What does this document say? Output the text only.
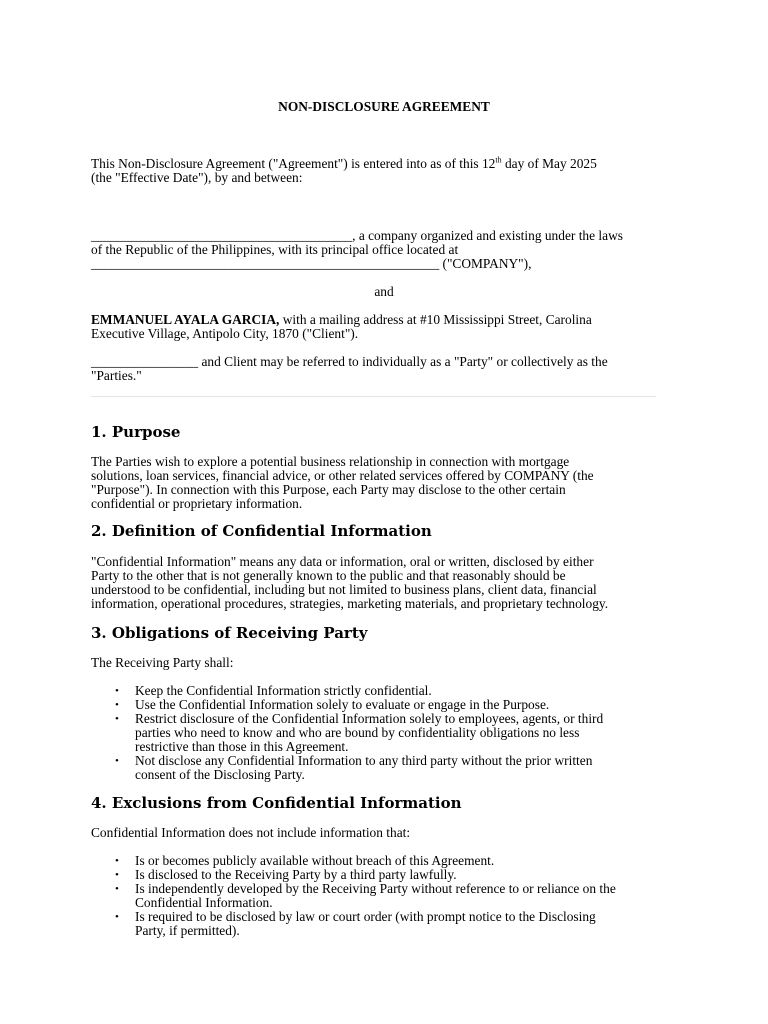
NON-DISCLOSURE AGREEMENT
This Non-Disclosure Agreement ("Agreement") is entered into as of this 12th day of May 2025
(the "Effective Date"), by and between:
_______________________________________, a company organized and existing under the laws
of the Republic of the Philippines, with its principal office located at
____________________________________________________ ("COMPANY"),
and
EMMANUEL AYALA GARCIA, with a mailing address at #10 Mississippi Street, Carolina
Executive Village, Antipolo City, 1870 ("Client").
________________ and Client may be referred to individually as a "Party" or collectively as the
"Parties."
1. Purpose
The Parties wish to explore a potential business relationship in connection with mortgage
solutions, loan services, financial advice, or other related services offered by COMPANY (the
"Purpose"). In connection with this Purpose, each Party may disclose to the other certain
confidential or proprietary information.
2. Definition of Confidential Information
"Confidential Information" means any data or information, oral or written, disclosed by either
Party to the other that is not generally known to the public and that reasonably should be
understood to be confidential, including but not limited to business plans, client data, financial
information, operational procedures, strategies, marketing materials, and proprietary technology.
3. Obligations of Receiving Party
The Receiving Party shall:
• Keep the Confidential Information strictly confidential.
• Use the Confidential Information solely to evaluate or engage in the Purpose.
• Restrict disclosure of the Confidential Information solely to employees, agents, or third
parties who need to know and who are bound by confidentiality obligations no less
restrictive than those in this Agreement.
• Not disclose any Confidential Information to any third party without the prior written
consent of the Disclosing Party.
4. Exclusions from Confidential Information
Confidential Information does not include information that:
• Is or becomes publicly available without breach of this Agreement.
• Is disclosed to the Receiving Party by a third party lawfully.
• Is independently developed by the Receiving Party without reference to or reliance on the
Confidential Information.
• Is required to be disclosed by law or court order (with prompt notice to the Disclosing
Party, if permitted).
